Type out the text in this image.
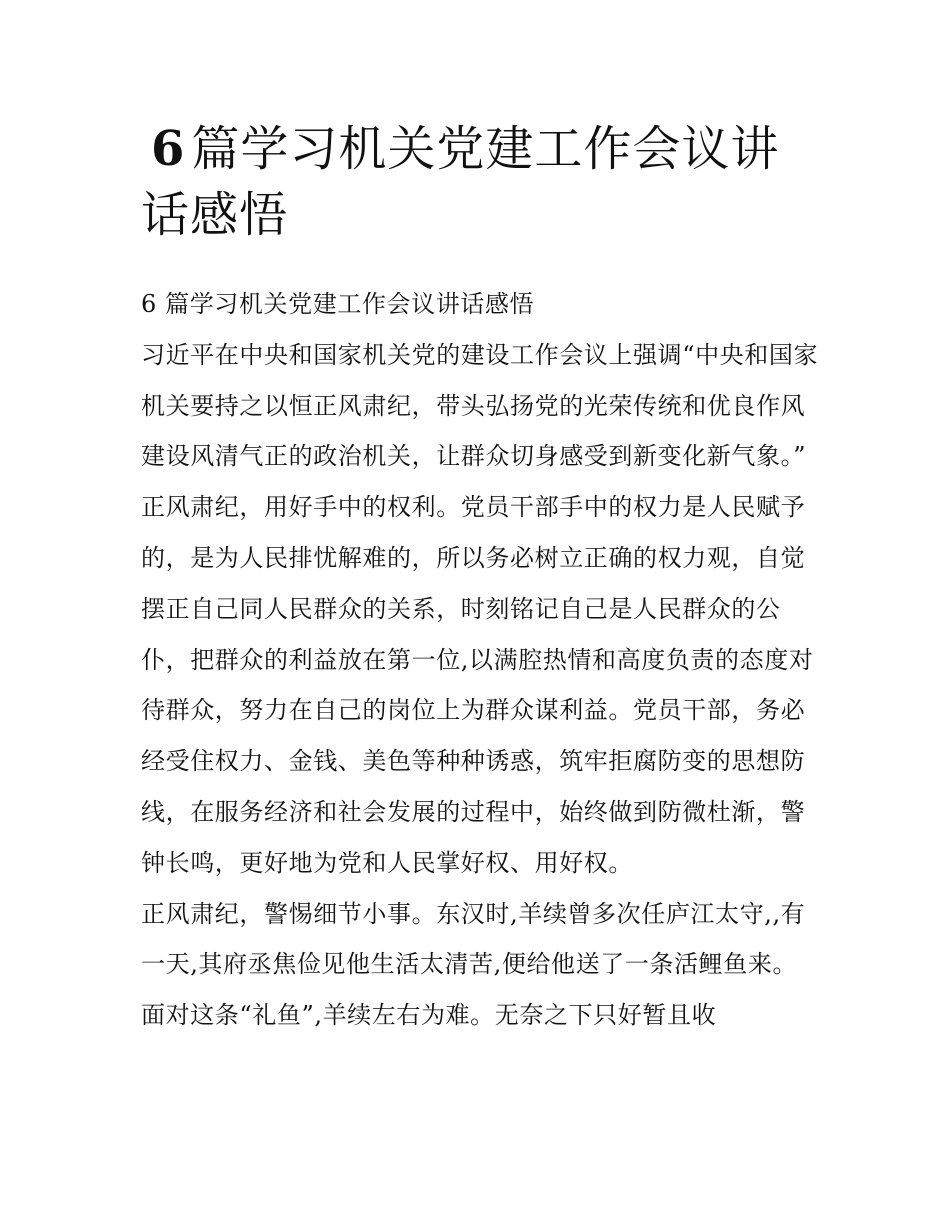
6 篇学习机关党建工作会议讲话感悟

6 篇学习机关党建工作会议讲话感悟

习近平在中央和国家机关党的建设工作会议上强调“中央和国家机关要持之以恒正风肃纪，带头弘扬党的光荣传统和优良作风建设风清气正的政治机关，让群众切身感受到新变化新气象。”

正风肃纪，用好手中的权利。党员干部手中的权力是人民赋予的，是为人民排忧解难的，所以务必树立正确的权力观，自觉摆正自己同人民群众的关系，时刻铭记自己是人民群众的公仆，把群众的利益放在第一位,以满腔热情和高度负责的态度对待群众，努力在自己的岗位上为群众谋利益。党员干部，务必经受住权力、金钱、美色等种种诱惑，筑牢拒腐防变的思想防线，在服务经济和社会发展的过程中，始终做到防微杜渐，警钟长鸣，更好地为党和人民掌好权、用好权。

正风肃纪，警惕细节小事。东汉时,羊续曾多次任庐江太守,,有一天,其府丞焦俭见他生活太清苦,便给他送了一条活鲤鱼来。面对这条“礼鱼”,羊续左右为难。无奈之下只好暂且收
